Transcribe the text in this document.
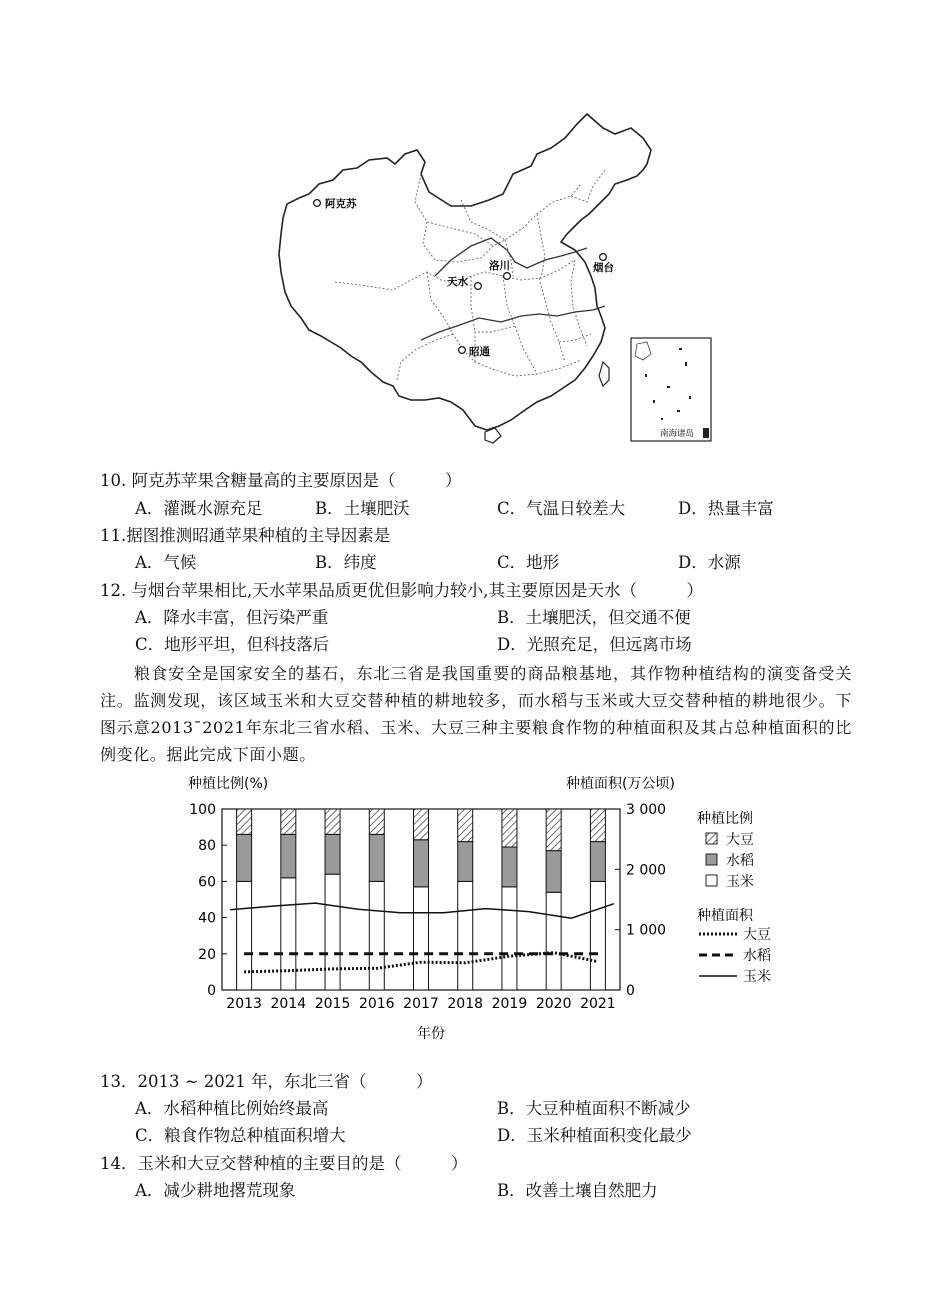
南海诸岛
阿克苏
洛川
天水
烟台
昭通
10. 阿克苏苹果含糖量高的主要原因是（　　　）
A．灌溉水源充足	B．土壤肥沃	C．气温日较差大	D．热量丰富
11.据图推测昭通苹果种植的主导因素是
A．气候	B．纬度	C．地形	D．水源
12. 与烟台苹果相比,天水苹果品质更优但影响力较小,其主要原因是天水（　　　）
A．降水丰富，但污染严重	B．土壤肥沃，但交通不便
C．地形平坦，但科技落后	D．光照充足，但远离市场
粮食安全是国家安全的基石，东北三省是我国重要的商品粮基地，其作物种植结构的演变备受关注。监测发现，该区域玉米和大豆交替种植的耕地较多，而水稻与玉米或大豆交替种植的耕地很少。下图示意2013¯2021年东北三省水稻、玉米、大豆三种主要粮食作物的种植面积及其占总种植面积的比例变化。据此完成下面小题。
种植比例(%)	种植面积(万公顷)
年份
0
20
40
60
80
100
0
1 000
2 000
3 000
2013 2014 2015 2016 2017 2018 2019 2020 2021
种植比例
大豆
水稻
玉米
种植面积
大豆
水稻
玉米
13．2013 ~ 2021 年，东北三省（　　　）
A．水稻种植比例始终最高	B．大豆种植面积不断减少
C．粮食作物总种植面积增大	D．玉米种植面积变化最少
14．玉米和大豆交替种植的主要目的是（　　　）
A．减少耕地撂荒现象	B．改善土壤自然肥力
